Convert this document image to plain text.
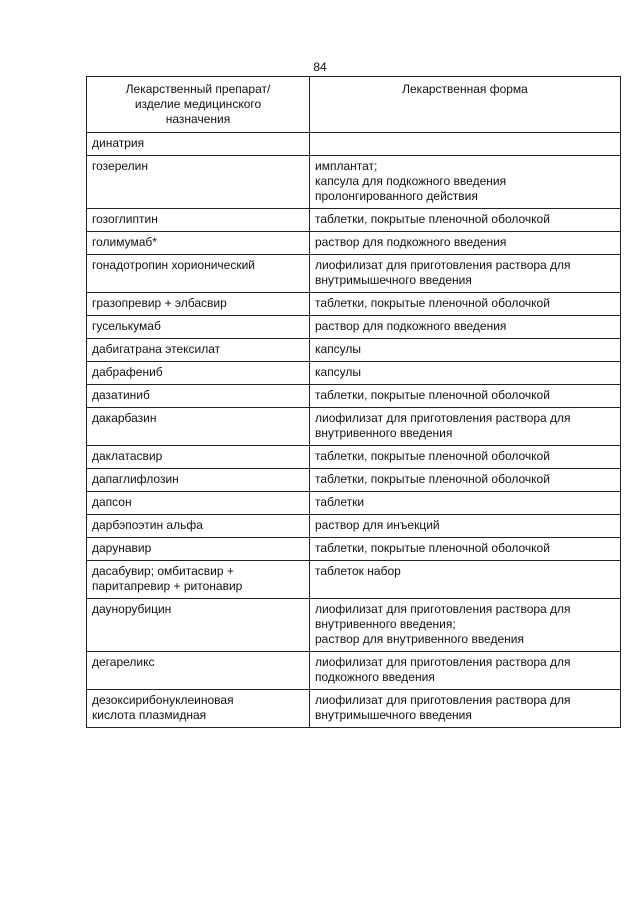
84
Лекарственный препарат/
изделие медицинского
назначения	Лекарственная форма

динатрия	

гозерелин	имплантат;
капсула для подкожного введения
пролонгированного действия

гозоглиптин	таблетки, покрытые пленочной оболочкой

голимумаб*	раствор для подкожного введения

гонадотропин хорионический	лиофилизат для приготовления раствора для
внутримышечного введения

гразопревир + элбасвир	таблетки, покрытые пленочной оболочкой

гуселькумаб	раствор для подкожного введения

дабигатрана этексилат	капсулы

дабрафениб	капсулы

дазатиниб	таблетки, покрытые пленочной оболочкой

дакарбазин	лиофилизат для приготовления раствора для
внутривенного введения

даклатасвир	таблетки, покрытые пленочной оболочкой

дапаглифлозин	таблетки, покрытые пленочной оболочкой

дапсон	таблетки

дарбэпоэтин альфа	раствор для инъекций

дарунавир	таблетки, покрытые пленочной оболочкой

дасабувир; омбитасвир +
паритапревир + ритонавир	таблеток набор

даунорубицин	лиофилизат для приготовления раствора для
внутривенного введения;
раствор для внутривенного введения

дегареликс	лиофилизат для приготовления раствора для
подкожного введения

дезоксирибонуклеиновая
кислота плазмидная	лиофилизат для приготовления раствора для
внутримышечного введения
